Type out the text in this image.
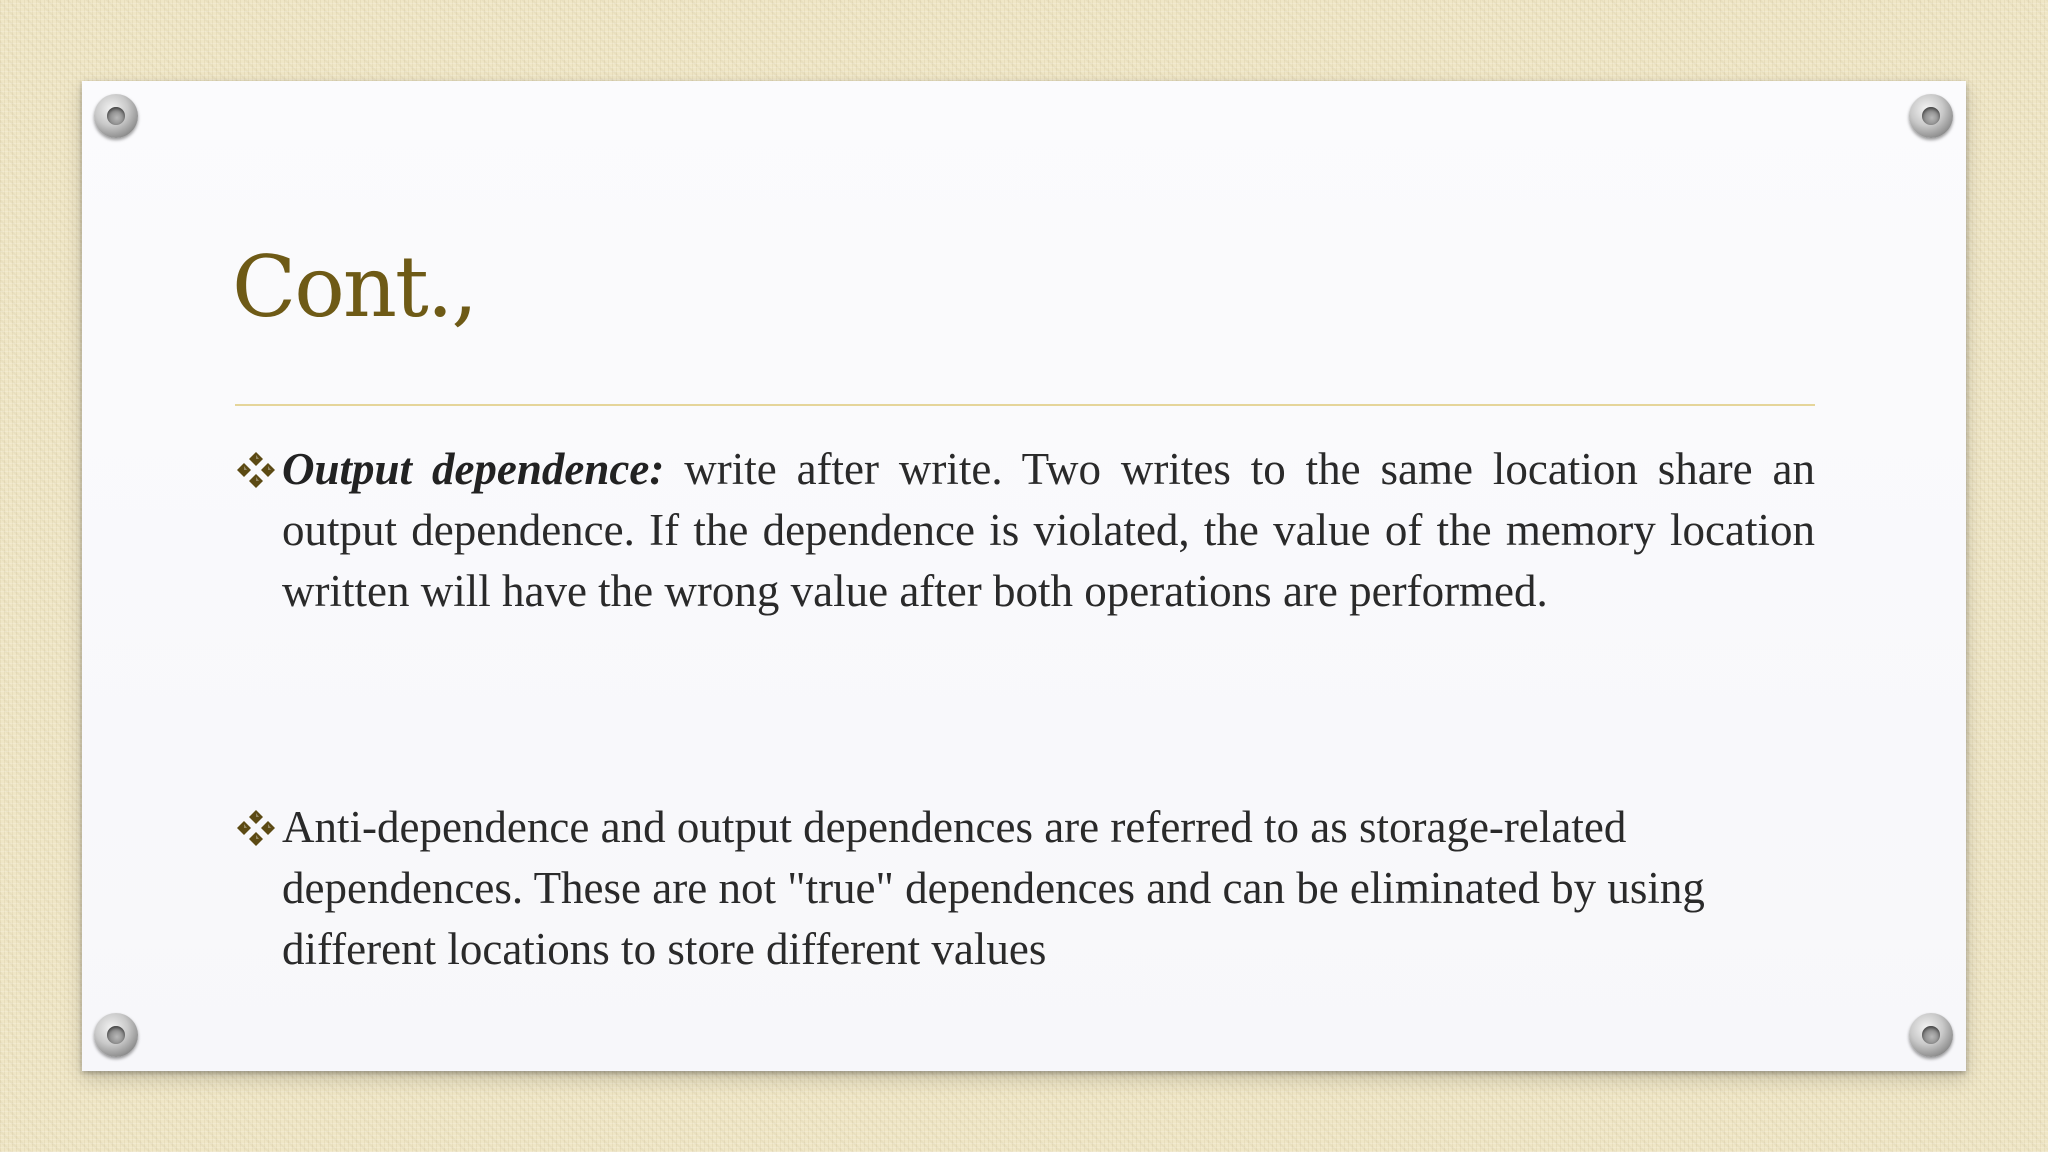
Cont.,

Output dependence: write after write. Two writes to the same location share an output dependence. If the dependence is violated, the value of the memory location written will have the wrong value after both operations are performed.

Anti-dependence and output dependences are referred to as storage-related dependences. These are not "true" dependences and can be eliminated by using different locations to store different values
